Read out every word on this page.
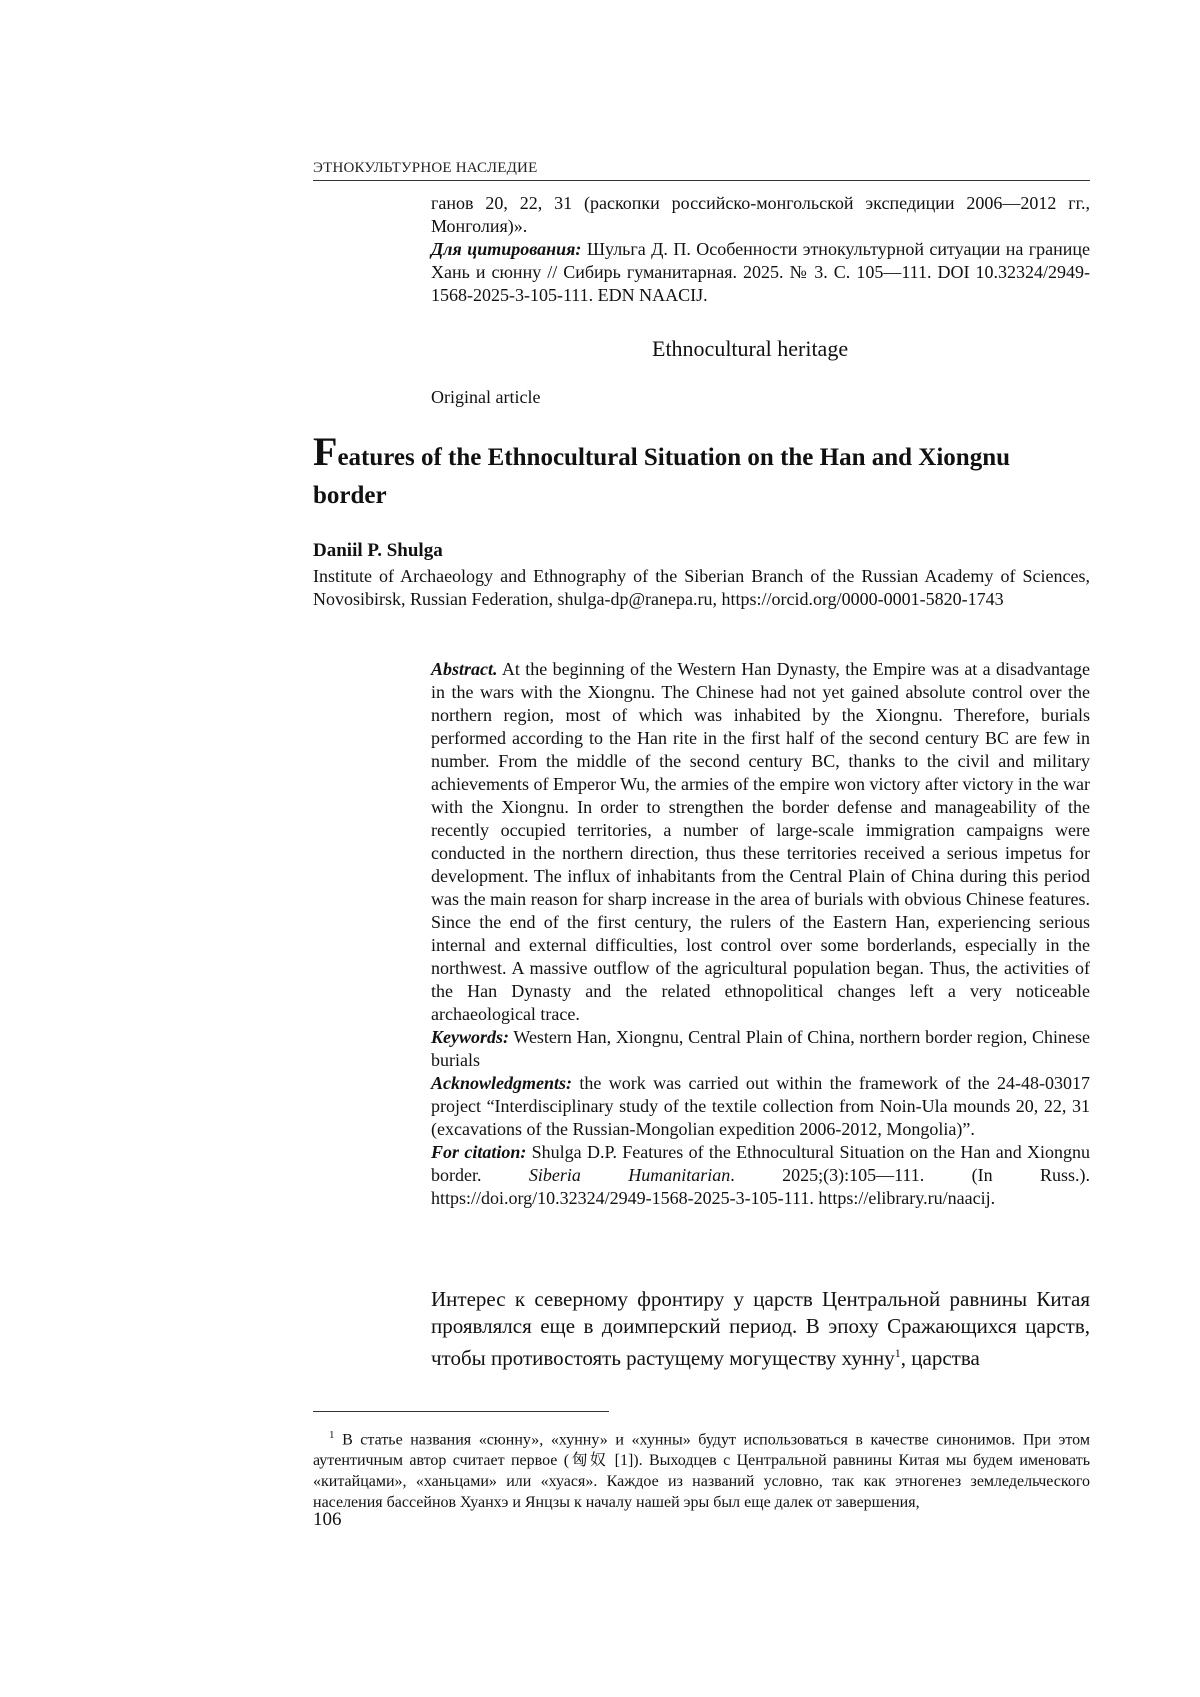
ЭТНОКУЛЬТУРНОЕ НАСЛЕДИЕ

ганов 20, 22, 31 (раскопки российско-монгольской экспедиции 2006—2012 гг., Монголия)».

Для цитирования: Шульга Д. П. Особенности этнокультурной ситуации на границе Хань и сюнну // Сибирь гуманитарная. 2025. № 3. С. 105—111. DOI 10.32324/2949-1568-2025-3-105-111. EDN NAACIJ.

Ethnocultural heritage
Original article
Features of the Ethnocultural Situation on the Han and Xiongnu border
Daniil P. Shulga
Institute of Archaeology and Ethnography of the Siberian Branch of the Russian Academy of Sciences, Novosibirsk, Russian Federation, shulga-dp@ranepa.ru, https://orcid.org/0000-0001-5820-1743

Abstract. At the beginning of the Western Han Dynasty, the Empire was at a disadvantage in the wars with the Xiongnu. The Chinese had not yet gained absolute control over the northern region, most of which was inhabited by the Xiongnu. Therefore, burials performed according to the Han rite in the first half of the second century BC are few in number. From the middle of the second century BC, thanks to the civil and military achievements of Emperor Wu, the armies of the empire won victory after victory in the war with the Xiongnu. In order to strengthen the border defense and manageability of the recently occupied territories, a number of large-scale immigration campaigns were conducted in the northern direction, thus these territories received a serious impetus for development. The influx of inhabitants from the Central Plain of China during this period was the main reason for sharp increase in the area of burials with obvious Chinese features. Since the end of the first century, the rulers of the Eastern Han, experiencing serious internal and external difficulties, lost control over some borderlands, especially in the northwest. A massive outflow of the agricultural population began. Thus, the activities of the Han Dynasty and the related ethnopolitical changes left a very noticeable archaeological trace.

Keywords: Western Han, Xiongnu, Central Plain of China, northern border region, Chinese burials

Acknowledgments: the work was carried out within the framework of the 24-48-03017 project “Interdisciplinary study of the textile collection from Noin-Ula mounds 20, 22, 31 (excavations of the Russian-Mongolian expedition 2006-2012, Mongolia)”.

For citation: Shulga D.P. Features of the Ethnocultural Situation on the Han and Xiongnu border. Siberia Humanitarian. 2025;(3):105—111. (In Russ.). https://doi.org/10.32324/2949-1568-2025-3-105-111. https://elibrary.ru/naacij.

Интерес к северному фронтиру у царств Центральной равнины Китая проявлялся еще в доимперский период. В эпоху Сражающихся царств, чтобы противостоять растущему могуществу хунну$^1$, царства

$^1$ В статье названия «сюнну», «хунну» и «хунны» будут использоваться в качестве синонимов. При этом аутентичным автор считает первое (匈奴 [1]). Выходцев с Центральной равнины Китая мы будем именовать «китайцами», «ханьцами» или «хуася». Каждое из названий условно, так как этногенез земледельческого населения бассейнов Хуанхэ и Янцзы к началу нашей эры был еще далек от завершения,

106
